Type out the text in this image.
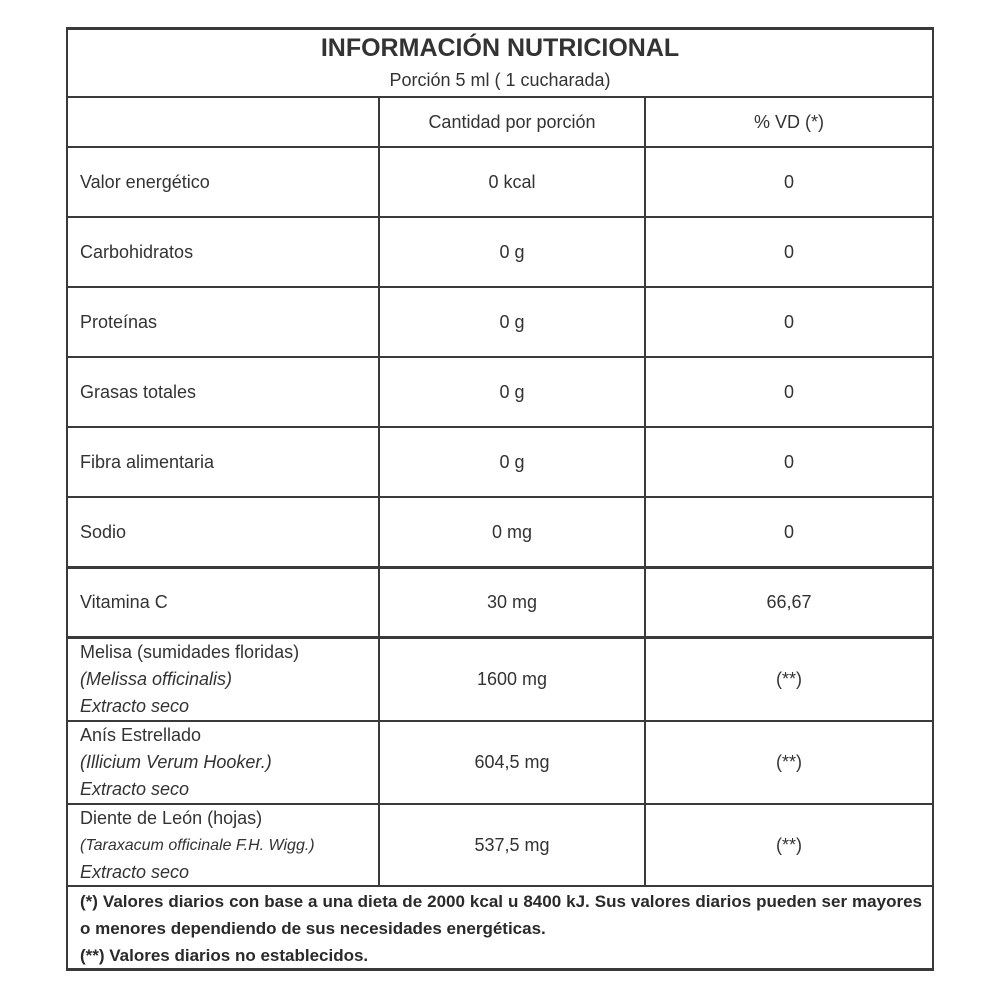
INFORMACIÓN NUTRICIONAL
Porción 5 ml ( 1 cucharada)
Cantidad por porción	% VD (*)
Valor energético	0 kcal	0
Carbohidratos	0 g	0
Proteínas	0 g	0
Grasas totales	0 g	0
Fibra alimentaria	0 g	0
Sodio	0 mg	0
Vitamina C	30 mg	66,67
Melisa (sumidades floridas)
(Melissa officinalis)
Extracto seco
1600 mg	(**)
Anís Estrellado
(Illicium Verum Hooker.)
Extracto seco
604,5 mg	(**)
Diente de León (hojas)
(Taraxacum officinale F.H. Wigg.)
Extracto seco
537,5 mg	(**)

(*) Valores diarios con base a una dieta de 2000 kcal u 8400 kJ. Sus valores diarios pueden ser mayores o menores dependiendo de sus necesidades energéticas.

(**) Valores diarios no establecidos.
